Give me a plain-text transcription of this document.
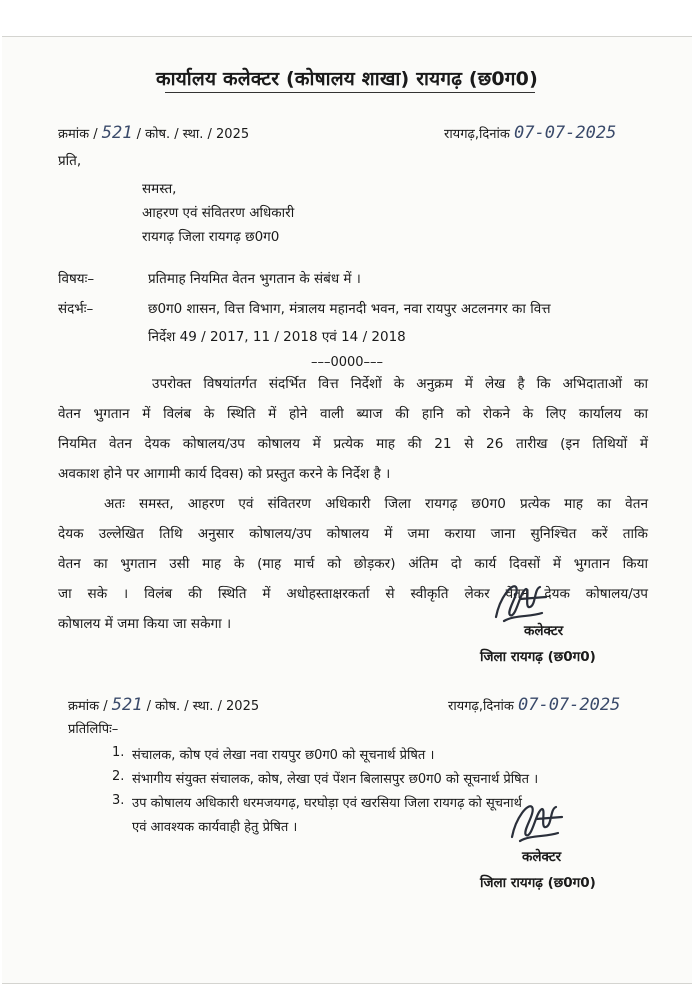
कार्यालय कलेक्टर (कोषालय शाखा) रायगढ़ (छ0ग0)
क्रमांक / 521 / कोष. / स्था. / 2025	रायगढ़,दिनांक 07-07-2025
प्रति,
समस्त,
आहरण एवं संवितरण अधिकारी
रायगढ़ जिला रायगढ़ छ0ग0
विषयः–	प्रतिमाह नियमित वेतन भुगतान के संबंध में ।
संदर्भः–	छ0ग0 शासन, वित्त विभाग, मंत्रालय महानदी भवन, नवा रायपुर अटलनगर का वित्त
निर्देश 49 / 2017, 11 / 2018 एवं 14 / 2018
–––0000–––
उपरोक्त विषयांतर्गत संदर्भित वित्त निर्देशों के अनुक्रम में लेख है कि अभिदाताओं का
वेतन भुगतान में विलंब के स्थिति में होने वाली ब्याज की हानि को रोकने के लिए कार्यालय का
नियमित वेतन देयक कोषालय/उप कोषालय में प्रत्येक माह की 21 से 26 तारीख (इन तिथियों में
अवकाश होने पर आगामी कार्य दिवस) को प्रस्तुत करने के निर्देश है ।
अतः समस्त, आहरण एवं संवितरण अधिकारी जिला रायगढ़ छ0ग0 प्रत्येक माह का वेतन
देयक उल्लेखित तिथि अनुसार कोषालय/उप कोषालय में जमा कराया जाना सुनिश्चित करें ताकि
वेतन का भुगतान उसी माह के (माह मार्च को छोड़कर) अंतिम दो कार्य दिवसों में भुगतान किया
जा सके । विलंब की स्थिति में अधोहस्ताक्षरकर्ता से स्वीकृति लेकर वेतन देयक कोषालय/उप
कोषालय में जमा किया जा सकेगा ।	कलेक्टर
जिला रायगढ़ (छ0ग0)
क्रमांक / 521 / कोष. / स्था. / 2025	रायगढ़,दिनांक 07-07-2025
प्रतिलिपिः–
1. संचालक, कोष एवं लेखा नवा रायपुर छ0ग0 को सूचनार्थ प्रेषित ।
2. संभागीय संयुक्त संचालक, कोष, लेखा एवं पेंशन बिलासपुर छ0ग0 को सूचनार्थ प्रेषित ।
3. उप कोषालय अधिकारी धरमजयगढ़, घरघोड़ा एवं खरसिया जिला रायगढ़ को सूचनार्थ
एवं आवश्यक कार्यवाही हेतु प्रेषित ।
कलेक्टर
जिला रायगढ़ (छ0ग0)
